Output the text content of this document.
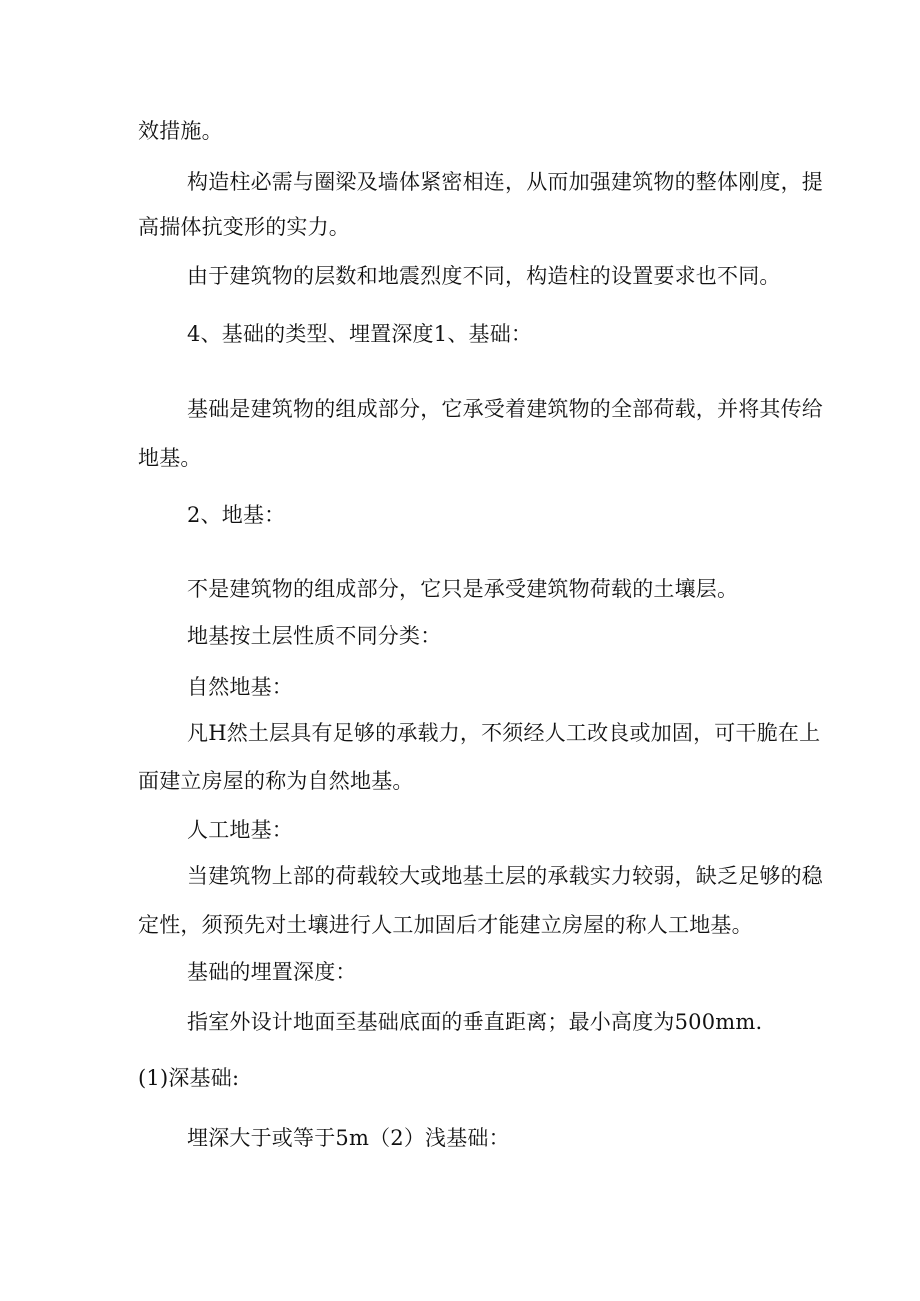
效措施。
构造柱必需与圈梁及墙体紧密相连，从而加强建筑物的整体刚度，提
高揣体抗变形的实力。
由于建筑物的层数和地震烈度不同，构造柱的设置要求也不同。
4、基础的类型、埋置深度1、基础：
基础是建筑物的组成部分，它承受着建筑物的全部荷载，并将其传给
地基。
2、地基：
不是建筑物的组成部分，它只是承受建筑物荷载的土壤层。
地基按土层性质不同分类：
自然地基：
凡H然土层具有足够的承载力，不须经人工改良或加固，可干脆在上
面建立房屋的称为自然地基。
人工地基：
当建筑物上部的荷载较大或地基土层的承载实力较弱，缺乏足够的稳
定性，须预先对土壤进行人工加固后才能建立房屋的称人工地基。
基础的埋置深度：
指室外设计地面至基础底面的垂直距离；最小高度为500mm.
(1)深基础:
埋深大于或等于5m（2）浅基础：
